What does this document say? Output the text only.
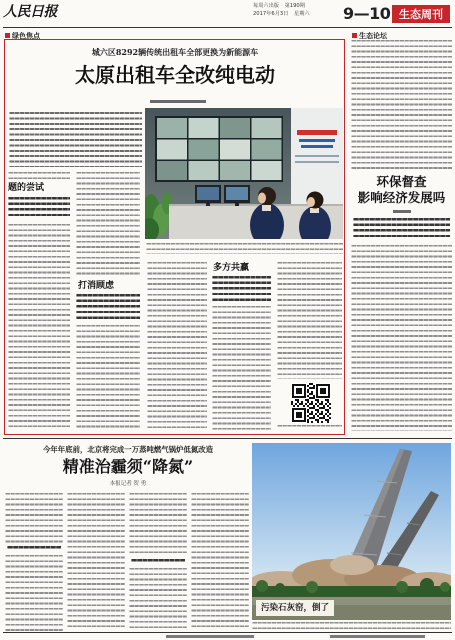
人民日报	每周六出版 第190期
2017年6月3日 星期六 9—10 生态周刊
绿色焦点	生态论坛
城六区8292辆传统出租车全部更换为新能源车
太原出租车全改纯电动
题的尝试
打消顾虑
多方共赢
环保督查
影响经济发展吗
今年年底前，北京将完成一万蒸吨燃气锅炉低氮改造
精准治霾须“降氮”
本报记者 贺 勇
污染石灰窑，倒了
